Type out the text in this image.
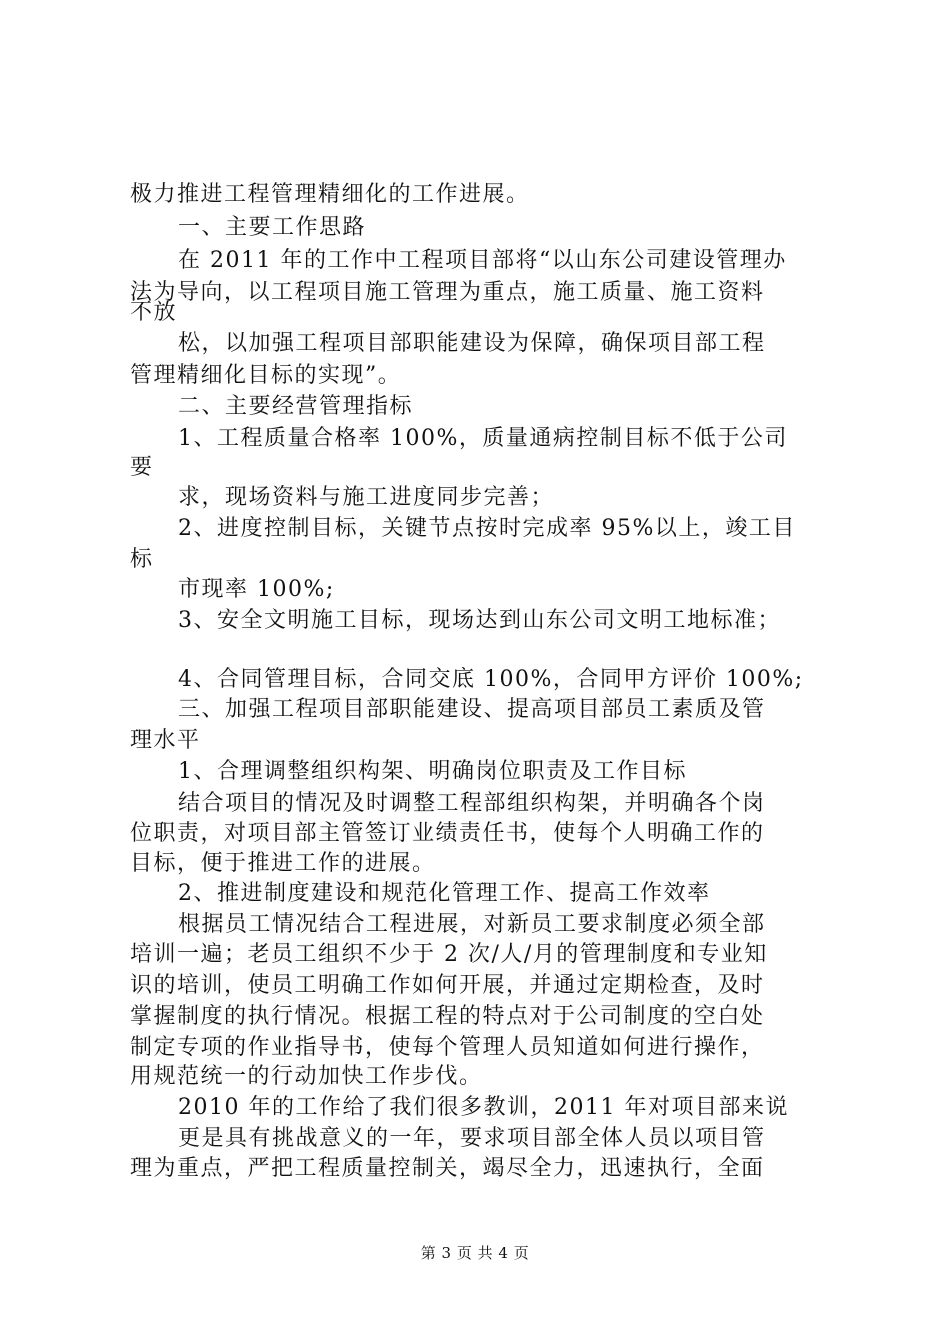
极力推进工程管理精细化的工作进展。
一、主要工作思路
在 2011 年的工作中工程项目部将“以山东公司建设管理办
法为导向，以工程项目施工管理为重点，施工质量、施工资料
不放
松，以加强工程项目部职能建设为保障，确保项目部工程
管理精细化目标的实现”。
二、主要经营管理指标
1、工程质量合格率 100%，质量通病控制目标不低于公司
要
求，现场资料与施工进度同步完善；
2、进度控制目标，关键节点按时完成率 95%以上，竣工目
标
市现率 100%;
3、安全文明施工目标，现场达到山东公司文明工地标准；
4、合同管理目标，合同交底 100%，合同甲方评价 100%;
三、加强工程项目部职能建设、提高项目部员工素质及管
理水平
1、合理调整组织构架、明确岗位职责及工作目标
结合项目的情况及时调整工程部组织构架，并明确各个岗
位职责，对项目部主管签订业绩责任书，使每个人明确工作的
目标，便于推进工作的进展。
2、推进制度建设和规范化管理工作、提高工作效率
根据员工情况结合工程进展，对新员工要求制度必须全部
培训一遍；老员工组织不少于 2 次/人/月的管理制度和专业知
识的培训，使员工明确工作如何开展，并通过定期检查，及时
掌握制度的执行情况。根据工程的特点对于公司制度的空白处
制定专项的作业指导书，使每个管理人员知道如何进行操作，
用规范统一的行动加快工作步伐。
2010 年的工作给了我们很多教训，2011 年对项目部来说
更是具有挑战意义的一年，要求项目部全体人员以项目管
理为重点，严把工程质量控制关，竭尽全力，迅速执行，全面
第 3 页 共 4 页
